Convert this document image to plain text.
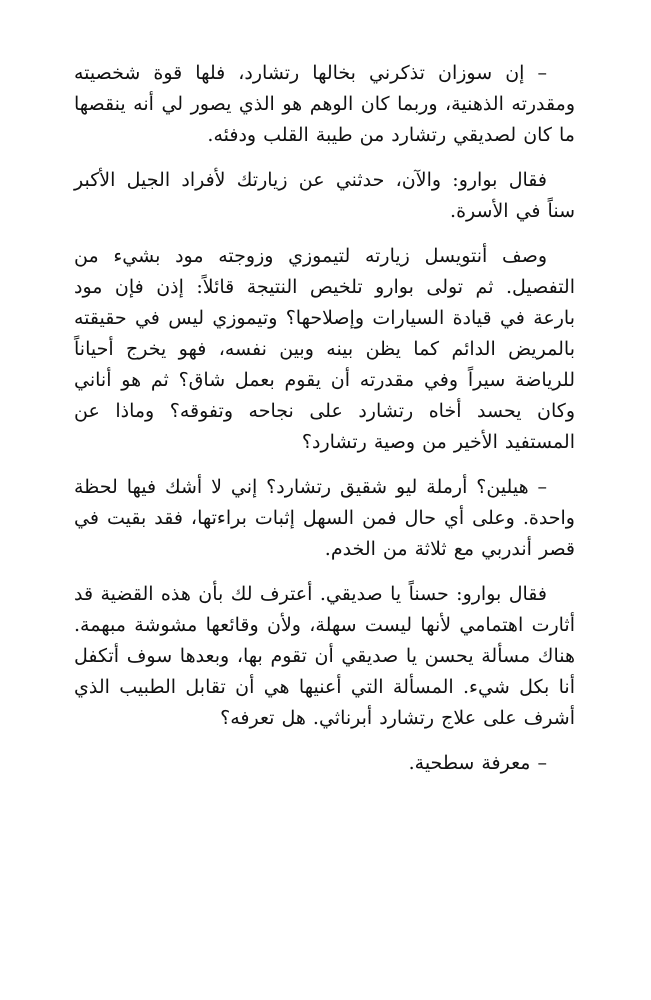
– إن سوزان تذكرني بخالها رتشارد، فلها قوة شخصيته ومقدرته الذهنية، وربما كان الوهم هو الذي يصور لي أنه ينقصها ما كان لصديقي رتشارد من طيبة القلب ودفئه.

فقال بوارو: والآن، حدثني عن زيارتك لأفراد الجيل الأكبر سناً في الأسرة.

وصف أنتويسل زيارته لتيموزي وزوجته مود بشيء من التفصيل. ثم تولى بوارو تلخيص النتيجة قائلاً: إذن فإن مود بارعة في قيادة السيارات وإصلاحها؟ وتيموزي ليس في حقيقته بالمريض الدائم كما يظن بينه وبين نفسه، فهو يخرج أحياناً للرياضة سيراً وفي مقدرته أن يقوم بعمل شاق؟ ثم هو أناني وكان يحسد أخاه رتشارد على نجاحه وتفوقه؟ وماذا عن المستفيد الأخير من وصية رتشارد؟

– هيلين؟ أرملة ليو شقيق رتشارد؟ إني لا أشك فيها لحظة واحدة. وعلى أي حال فمن السهل إثبات براءتها، فقد بقيت في قصر أندربي مع ثلاثة من الخدم.

فقال بوارو: حسناً يا صديقي. أعترف لك بأن هذه القضية قد أثارت اهتمامي لأنها ليست سهلة، ولأن وقائعها مشوشة مبهمة. هناك مسألة يحسن يا صديقي أن تقوم بها، وبعدها سوف أتكفل أنا بكل شيء. المسألة التي أعنيها هي أن تقابل الطبيب الذي أشرف على علاج رتشارد أبرناثي. هل تعرفه؟

– معرفة سطحية.
